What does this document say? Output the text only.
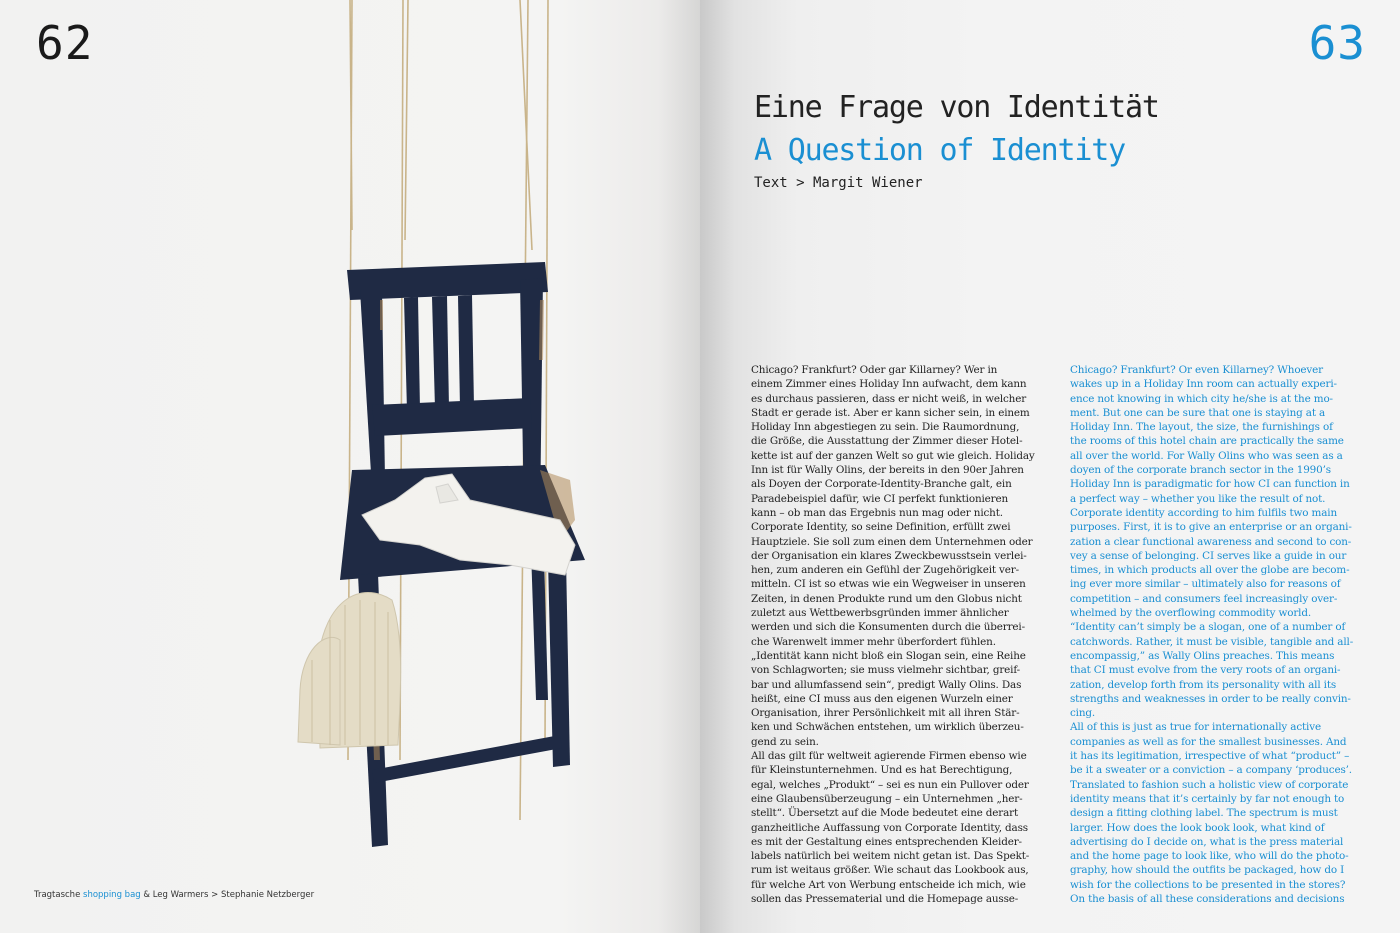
62
Tragtasche shopping bag & Leg Warmers > Stephanie Netzberger
63
Eine Frage von Identität
A Question of Identity
Text > Margit Wiener
Chicago? Frankfurt? Oder gar Killarney? Wer in
einem Zimmer eines Holiday Inn aufwacht, dem kann
es durchaus passieren, dass er nicht weiß, in welcher
Stadt er gerade ist. Aber er kann sicher sein, in einem
Holiday Inn abgestiegen zu sein. Die Raumordnung,
die Größe, die Ausstattung der Zimmer dieser Hotel-
kette ist auf der ganzen Welt so gut wie gleich. Holiday
Inn ist für Wally Olins, der bereits in den 90er Jahren
als Doyen der Corporate-Identity-Branche galt, ein
Paradebeispiel dafür, wie CI perfekt funktionieren
kann – ob man das Ergebnis nun mag oder nicht.
Corporate Identity, so seine Definition, erfüllt zwei
Hauptziele. Sie soll zum einen dem Unternehmen oder
der Organisation ein klares Zweckbewusstsein verlei-
hen, zum anderen ein Gefühl der Zugehörigkeit ver-
mitteln. CI ist so etwas wie ein Wegweiser in unseren
Zeiten, in denen Produkte rund um den Globus nicht
zuletzt aus Wettbewerbsgründen immer ähnlicher
werden und sich die Konsumenten durch die überrei-
che Warenwelt immer mehr überfordert fühlen.
„Identität kann nicht bloß ein Slogan sein, eine Reihe
von Schlagworten; sie muss vielmehr sichtbar, greif-
bar und allumfassend sein“, predigt Wally Olins. Das
heißt, eine CI muss aus den eigenen Wurzeln einer
Organisation, ihrer Persönlichkeit mit all ihren Stär-
ken und Schwächen entstehen, um wirklich überzeu-
gend zu sein.
All das gilt für weltweit agierende Firmen ebenso wie
für Kleinstunternehmen. Und es hat Berechtigung,
egal, welches „Produkt“ – sei es nun ein Pullover oder
eine Glaubensüberzeugung – ein Unternehmen „her-
stellt“. Übersetzt auf die Mode bedeutet eine derart
ganzheitliche Auffassung von Corporate Identity, dass
es mit der Gestaltung eines entsprechenden Kleider-
labels natürlich bei weitem nicht getan ist. Das Spekt-
rum ist weitaus größer. Wie schaut das Lookbook aus,
für welche Art von Werbung entscheide ich mich, wie
sollen das Pressematerial und die Homepage ausse-
Chicago? Frankfurt? Or even Killarney? Whoever
wakes up in a Holiday Inn room can actually experi-
ence not knowing in which city he/she is at the mo-
ment. But one can be sure that one is staying at a
Holiday Inn. The layout, the size, the furnishings of
the rooms of this hotel chain are practically the same
all over the world. For Wally Olins who was seen as a
doyen of the corporate branch sector in the 1990’s
Holiday Inn is paradigmatic for how CI can function in
a perfect way – whether you like the result of not.
Corporate identity according to him fulfils two main
purposes. First, it is to give an enterprise or an organi-
zation a clear functional awareness and second to con-
vey a sense of belonging. CI serves like a guide in our
times, in which products all over the globe are becom-
ing ever more similar – ultimately also for reasons of
competition – and consumers feel increasingly over-
whelmed by the overflowing commodity world.
“Identity can’t simply be a slogan, one of a number of
catchwords. Rather, it must be visible, tangible and all-
encompassig,” as Wally Olins preaches. This means
that CI must evolve from the very roots of an organi-
zation, develop forth from its personality with all its
strengths and weaknesses in order to be really convin-
cing.
All of this is just as true for internationally active
companies as well as for the smallest businesses. And
it has its legitimation, irrespective of what “product” –
be it a sweater or a conviction – a company ‘produces’.
Translated to fashion such a holistic view of corporate
identity means that it’s certainly by far not enough to
design a fitting clothing label. The spectrum is must
larger. How does the look book look, what kind of
advertising do I decide on, what is the press material
and the home page to look like, who will do the photo-
graphy, how should the outfits be packaged, how do I
wish for the collections to be presented in the stores?
On the basis of all these considerations and decisions
